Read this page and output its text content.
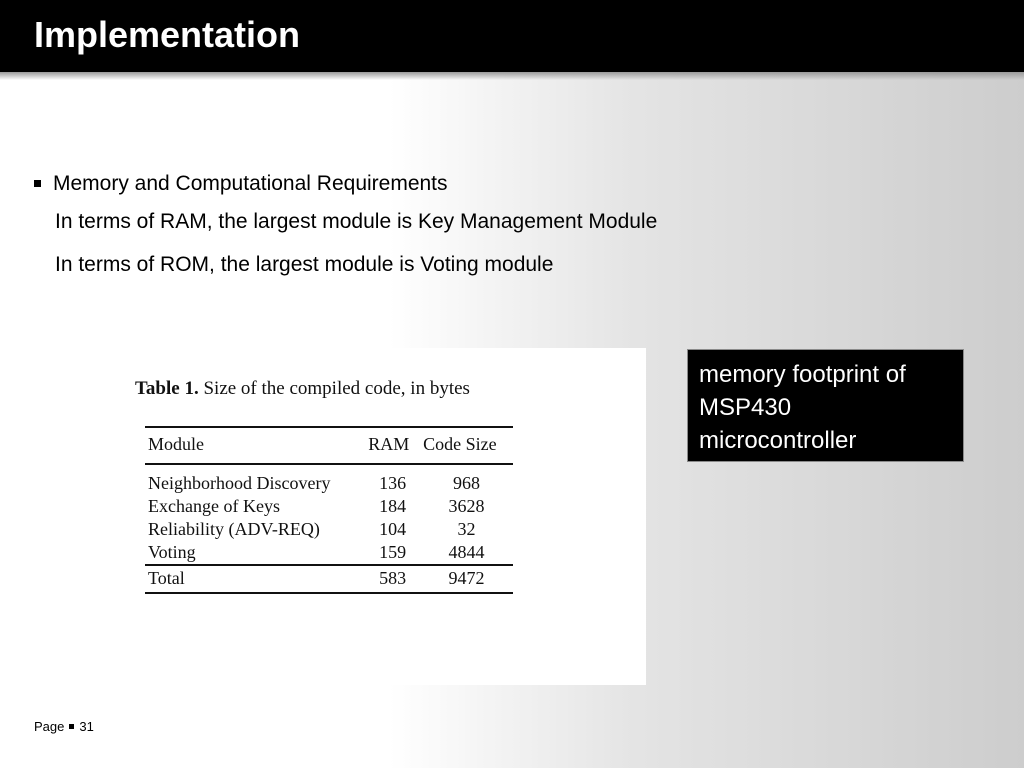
Implementation
Memory and Computational Requirements
In terms of RAM, the largest module is Key Management Module
In terms of ROM, the largest module is Voting module
Table 1. Size of the compiled code, in bytes
Module	RAM	Code Size
Neighborhood Discovery	136	968
Exchange of Keys	184	3628
Reliability (ADV-REQ)	104	32
Voting	159	4844
Total	583	9472
memory footprint of MSP430 microcontroller
Page 31
